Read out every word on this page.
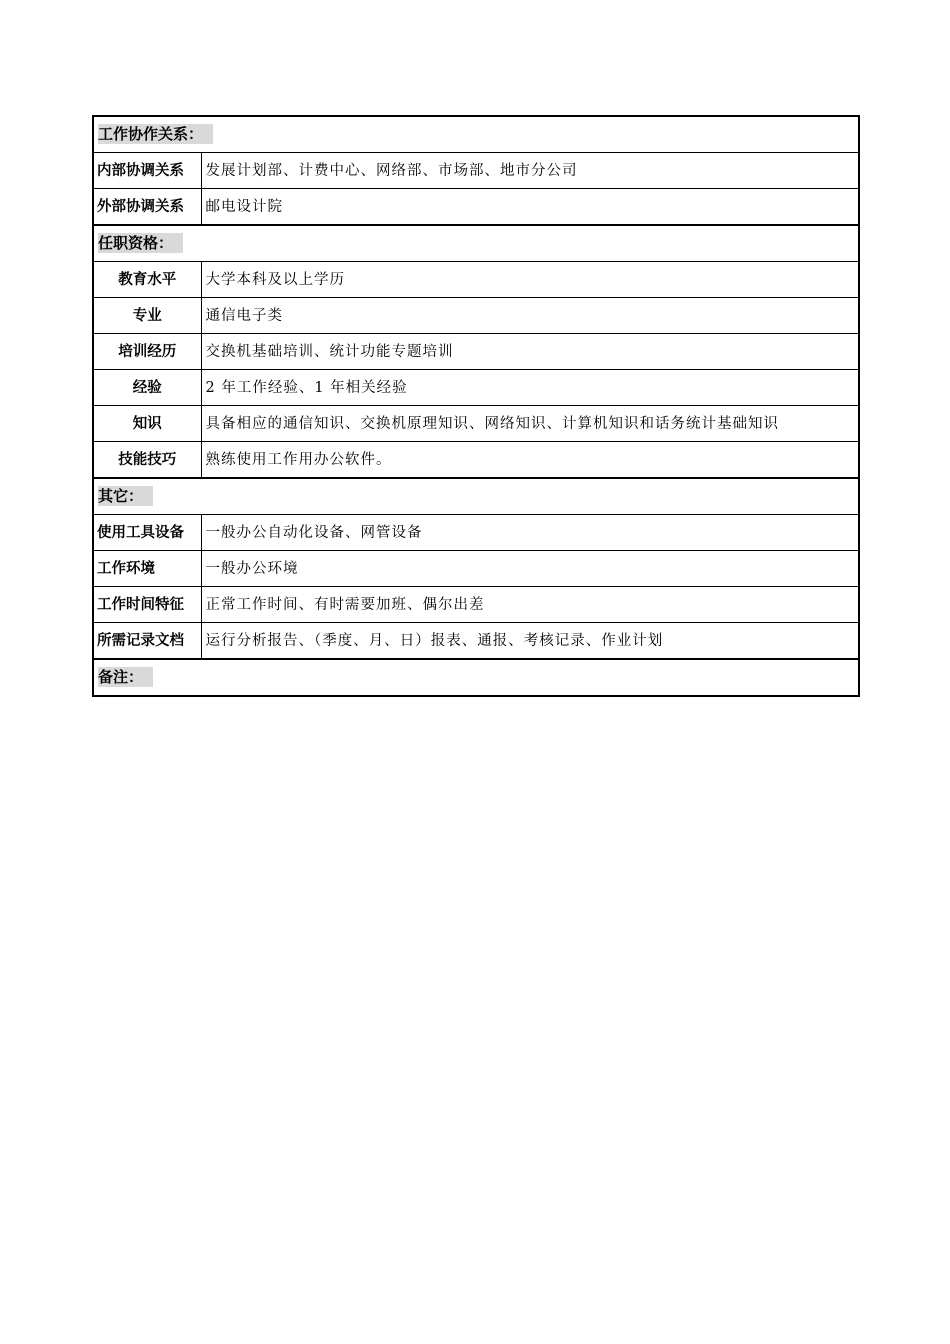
工作协作关系：	
内部协调关系	发展计划部、计费中心、网络部、市场部、地市分公司
外部协调关系	邮电设计院
任职资格：	
教育水平	大学本科及以上学历
专业	通信电子类
培训经历	交换机基础培训、统计功能专题培训
经验	2 年工作经验、1 年相关经验
知识	具备相应的通信知识、交换机原理知识、网络知识、计算机知识和话务统计基础知识
技能技巧	熟练使用工作用办公软件。
其它：	
使用工具设备	一般办公自动化设备、网管设备
工作环境	一般办公环境
工作时间特征	正常工作时间、有时需要加班、偶尔出差
所需记录文档	运行分析报告、（季度、月、日）报表、通报、考核记录、作业计划
备注：	
